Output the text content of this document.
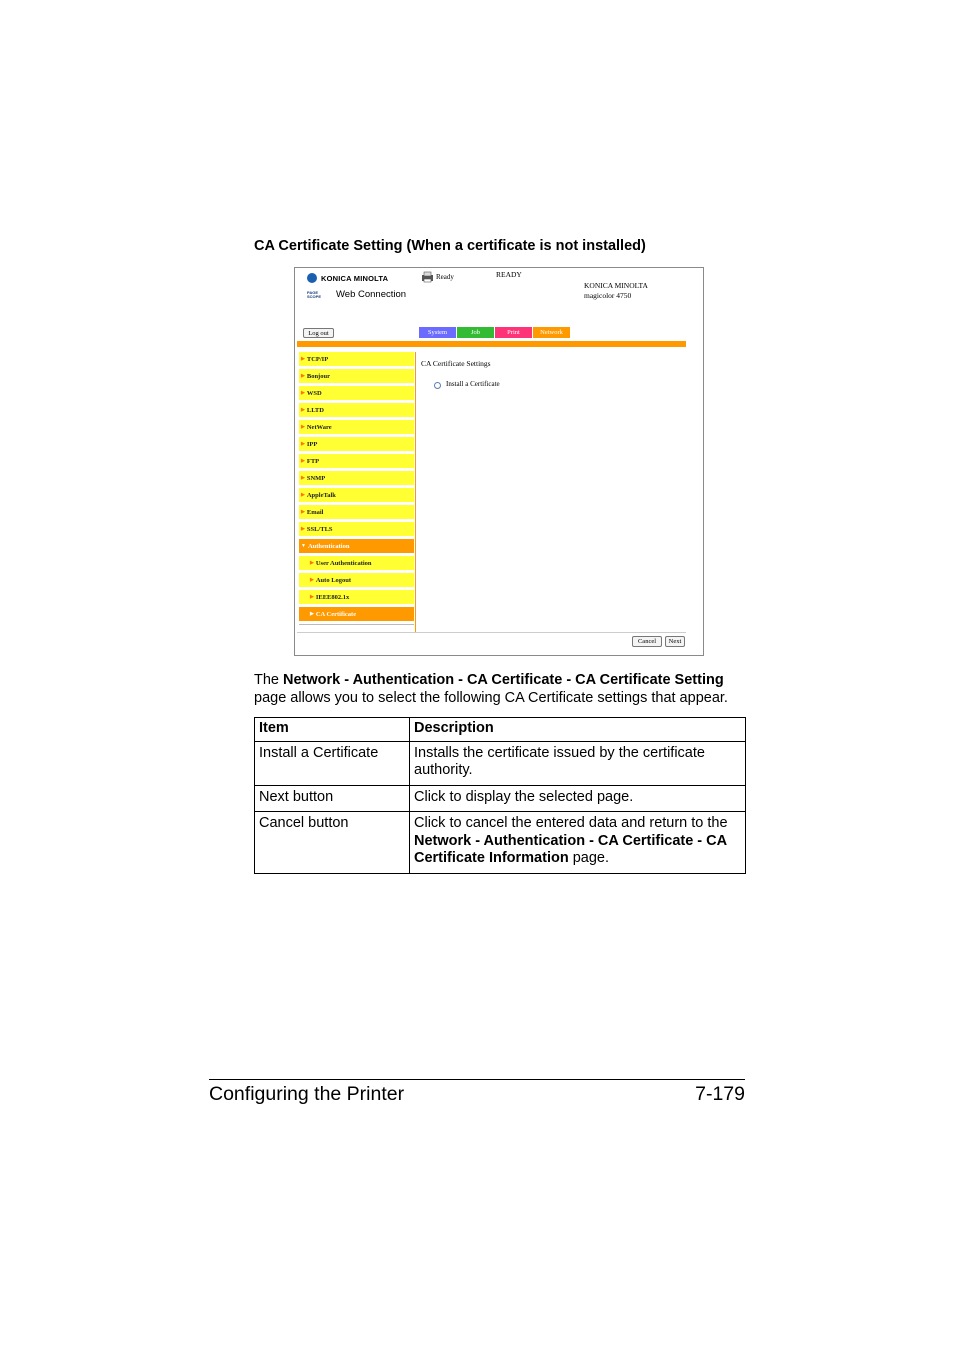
CA Certificate Setting (When a certificate is not installed)
KONICA MINOLTA
PAGE
SCOPE	Web Connection
Ready	READY
KONICA MINOLTA
magicolor 4750
Log out	System	Job	Print	Network
▶ TCP/IP
▶ Bonjour
▶ WSD
▶ LLTD
▶ NetWare
▶ IPP
▶ FTP
▶ SNMP
▶ AppleTalk
▶ Email
▶ SSL/TLS
▼ Authentication
▶ User Authentication
▶ Auto Logout
▶ IEEE802.1x
▶ CA Certificate
CA Certificate Settings
Install a Certificate
Cancel	Next
The Network - Authentication - CA Certificate - CA Certificate Setting
page allows you to select the following CA Certificate settings that appear.
Item	Description
Install a Certificate	Installs the certificate issued by the certificate authority.
Next button	Click to display the selected page.
Cancel button	Click to cancel the entered data and return to the Network - Authentication - CA Certificate - CA Certificate Information page.
Configuring the Printer	7-179
